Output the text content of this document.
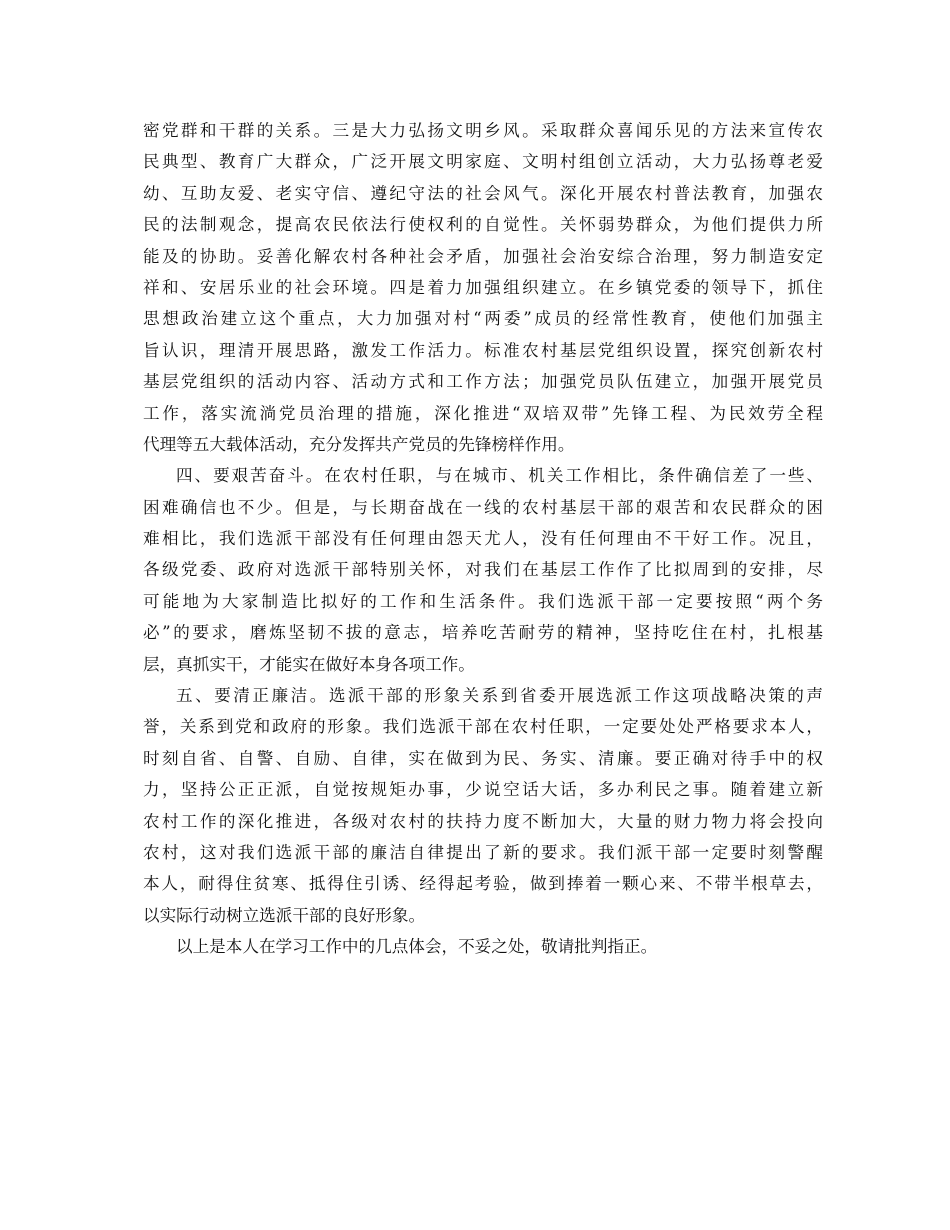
密党群和干群的关系。三是大力弘扬文明乡风。采取群众喜闻乐见的方法来宣传农
民典型、教育广大群众，广泛开展文明家庭、文明村组创立活动，大力弘扬尊老爱
幼、互助友爱、老实守信、遵纪守法的社会风气。深化开展农村普法教育，加强农
民的法制观念，提高农民依法行使权利的自觉性。关怀弱势群众，为他们提供力所
能及的协助。妥善化解农村各种社会矛盾，加强社会治安综合治理，努力制造安定
祥和、安居乐业的社会环境。四是着力加强组织建立。在乡镇党委的领导下，抓住
思想政治建立这个重点，大力加强对村“两委”成员的经常性教育，使他们加强主
旨认识，理清开展思路，激发工作活力。标准农村基层党组织设置，探究创新农村
基层党组织的活动内容、活动方式和工作方法；加强党员队伍建立，加强开展党员
工作，落实流淌党员治理的措施，深化推进“双培双带”先锋工程、为民效劳全程
代理等五大载体活动，充分发挥共产党员的先锋榜样作用。
四、要艰苦奋斗。在农村任职，与在城市、机关工作相比，条件确信差了一些、
困难确信也不少。但是，与长期奋战在一线的农村基层干部的艰苦和农民群众的困
难相比，我们选派干部没有任何理由怨天尤人，没有任何理由不干好工作。况且，
各级党委、政府对选派干部特别关怀，对我们在基层工作作了比拟周到的安排，尽
可能地为大家制造比拟好的工作和生活条件。我们选派干部一定要按照“两个务
必”的要求，磨炼坚韧不拔的意志，培养吃苦耐劳的精神，坚持吃住在村，扎根基
层，真抓实干，才能实在做好本身各项工作。
五、要清正廉洁。选派干部的形象关系到省委开展选派工作这项战略决策的声
誉，关系到党和政府的形象。我们选派干部在农村任职，一定要处处严格要求本人，
时刻自省、自警、自励、自律，实在做到为民、务实、清廉。要正确对待手中的权
力，坚持公正正派，自觉按规矩办事，少说空话大话，多办利民之事。随着建立新
农村工作的深化推进，各级对农村的扶持力度不断加大，大量的财力物力将会投向
农村，这对我们选派干部的廉洁自律提出了新的要求。我们派干部一定要时刻警醒
本人，耐得住贫寒、抵得住引诱、经得起考验，做到捧着一颗心来、不带半根草去，
以实际行动树立选派干部的良好形象。
以上是本人在学习工作中的几点体会，不妥之处，敬请批判指正。
